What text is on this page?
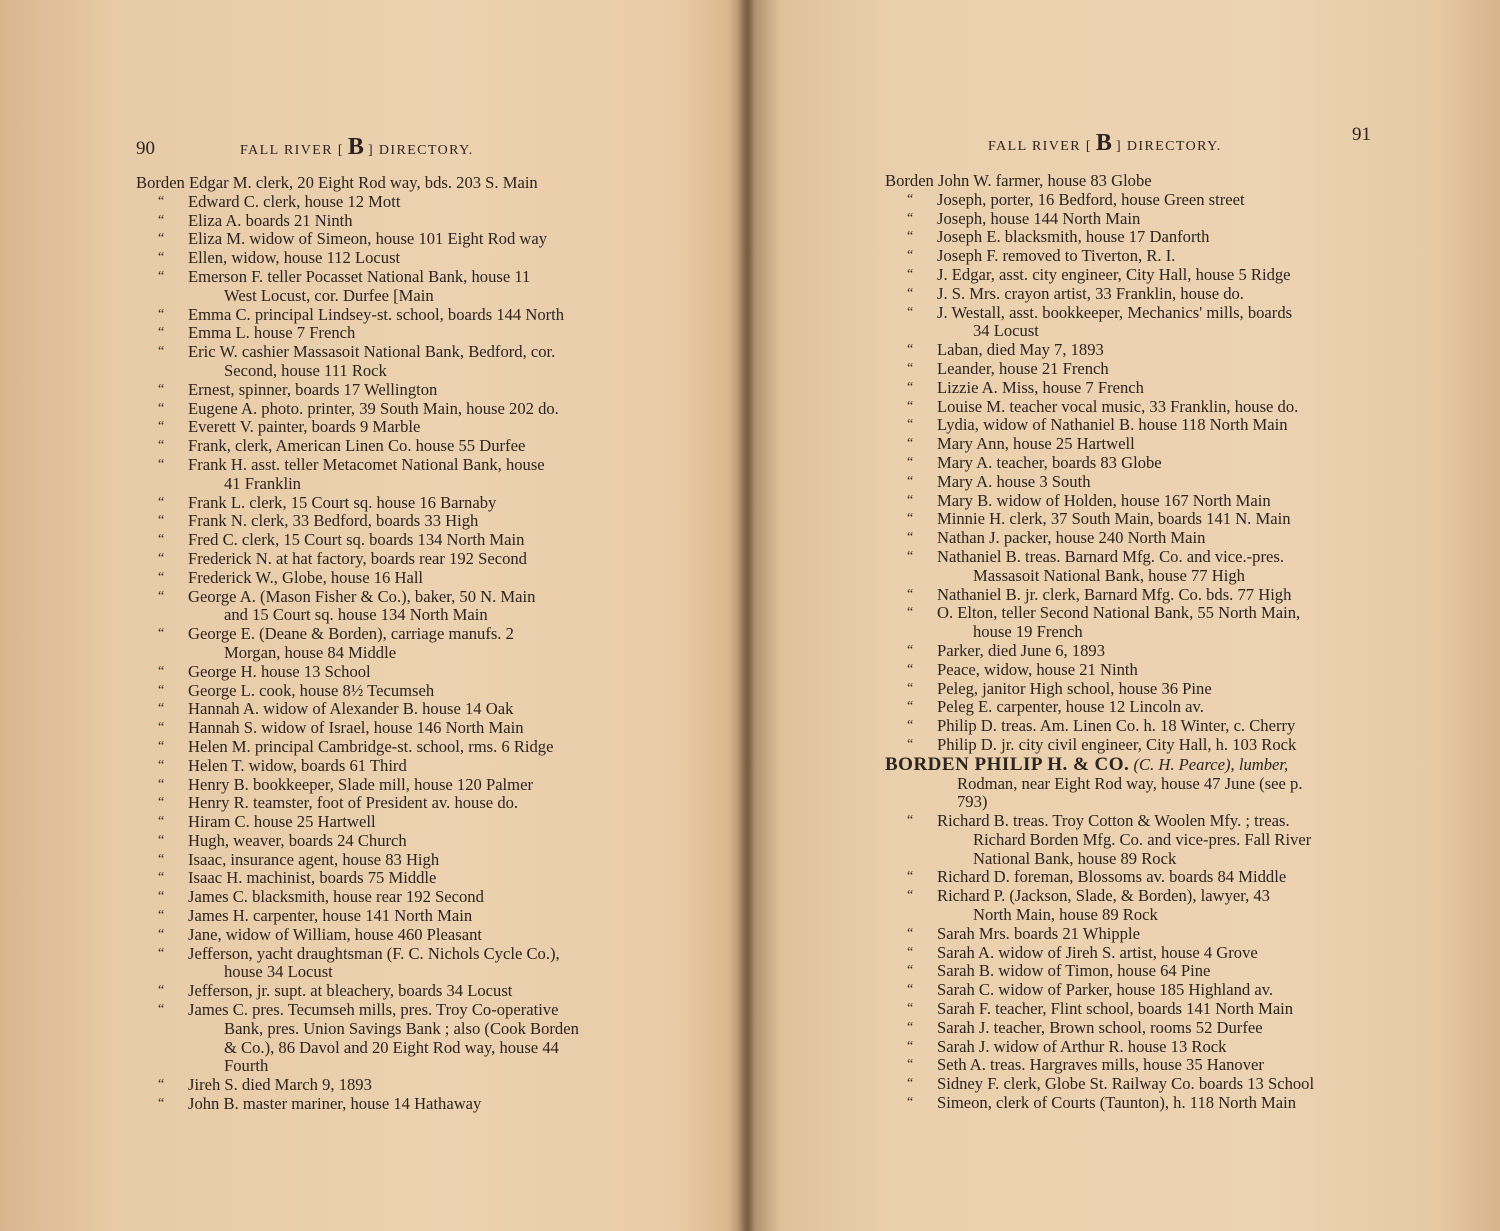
90	FALL RIVER [ B ] DIRECTORY.
Borden Edgar M. clerk, 20 Eight Rod way, bds. 203 S. Main
“ Edward C. clerk, house 12 Mott
“ Eliza A. boards 21 Ninth
“ Eliza M. widow of Simeon, house 101 Eight Rod way
“ Ellen, widow, house 112 Locust
“ Emerson F. teller Pocasset National Bank, house 11
West Locust, cor. Durfee [Main
“ Emma C. principal Lindsey-st. school, boards 144 North
“ Emma L. house 7 French
“ Eric W. cashier Massasoit National Bank, Bedford, cor.
Second, house 111 Rock
“ Ernest, spinner, boards 17 Wellington
“ Eugene A. photo. printer, 39 South Main, house 202 do.
“ Everett V. painter, boards 9 Marble
“ Frank, clerk, American Linen Co. house 55 Durfee
“ Frank H. asst. teller Metacomet National Bank, house
41 Franklin
“ Frank L. clerk, 15 Court sq. house 16 Barnaby
“ Frank N. clerk, 33 Bedford, boards 33 High
“ Fred C. clerk, 15 Court sq. boards 134 North Main
“ Frederick N. at hat factory, boards rear 192 Second
“ Frederick W., Globe, house 16 Hall
“ George A. (Mason Fisher & Co.), baker, 50 N. Main
and 15 Court sq. house 134 North Main
“ George E. (Deane & Borden), carriage manufs. 2
Morgan, house 84 Middle
“ George H. house 13 School
“ George L. cook, house 8½ Tecumseh
“ Hannah A. widow of Alexander B. house 14 Oak
“ Hannah S. widow of Israel, house 146 North Main
“ Helen M. principal Cambridge-st. school, rms. 6 Ridge
“ Helen T. widow, boards 61 Third
“ Henry B. bookkeeper, Slade mill, house 120 Palmer
“ Henry R. teamster, foot of President av. house do.
“ Hiram C. house 25 Hartwell
“ Hugh, weaver, boards 24 Church
“ Isaac, insurance agent, house 83 High
“ Isaac H. machinist, boards 75 Middle
“ James C. blacksmith, house rear 192 Second
“ James H. carpenter, house 141 North Main
“ Jane, widow of William, house 460 Pleasant
“ Jefferson, yacht draughtsman (F. C. Nichols Cycle Co.),
house 34 Locust
“ Jefferson, jr. supt. at bleachery, boards 34 Locust
“ James C. pres. Tecumseh mills, pres. Troy Co-operative
Bank, pres. Union Savings Bank ; also (Cook Borden
& Co.), 86 Davol and 20 Eight Rod way, house 44
Fourth
“ Jireh S. died March 9, 1893
“ John B. master mariner, house 14 Hathaway
91
FALL RIVER [ B ] DIRECTORY.
Borden John W. farmer, house 83 Globe
“ Joseph, porter, 16 Bedford, house Green street
“ Joseph, house 144 North Main
“ Joseph E. blacksmith, house 17 Danforth
“ Joseph F. removed to Tiverton, R. I.
“ J. Edgar, asst. city engineer, City Hall, house 5 Ridge
“ J. S. Mrs. crayon artist, 33 Franklin, house do.
“ J. Westall, asst. bookkeeper, Mechanics' mills, boards
34 Locust
“ Laban, died May 7, 1893
“ Leander, house 21 French
“ Lizzie A. Miss, house 7 French
“ Louise M. teacher vocal music, 33 Franklin, house do.
“ Lydia, widow of Nathaniel B. house 118 North Main
“ Mary Ann, house 25 Hartwell
“ Mary A. teacher, boards 83 Globe
“ Mary A. house 3 South
“ Mary B. widow of Holden, house 167 North Main
“ Minnie H. clerk, 37 South Main, boards 141 N. Main
“ Nathan J. packer, house 240 North Main
“ Nathaniel B. treas. Barnard Mfg. Co. and vice.-pres.
Massasoit National Bank, house 77 High
“ Nathaniel B. jr. clerk, Barnard Mfg. Co. bds. 77 High
“ O. Elton, teller Second National Bank, 55 North Main,
house 19 French
“ Parker, died June 6, 1893
“ Peace, widow, house 21 Ninth
“ Peleg, janitor High school, house 36 Pine
“ Peleg E. carpenter, house 12 Lincoln av.
“ Philip D. treas. Am. Linen Co. h. 18 Winter, c. Cherry
“ Philip D. jr. city civil engineer, City Hall, h. 103 Rock
BORDEN PHILIP H. & CO. (C. H. Pearce), lumber,
Rodman, near Eight Rod way, house 47 June (see p.
793)
“ Richard B. treas. Troy Cotton & Woolen Mfy. ; treas.
Richard Borden Mfg. Co. and vice-pres. Fall River
National Bank, house 89 Rock
“ Richard D. foreman, Blossoms av. boards 84 Middle
“ Richard P. (Jackson, Slade, & Borden), lawyer, 43
North Main, house 89 Rock
“ Sarah Mrs. boards 21 Whipple
“ Sarah A. widow of Jireh S. artist, house 4 Grove
“ Sarah B. widow of Timon, house 64 Pine
“ Sarah C. widow of Parker, house 185 Highland av.
“ Sarah F. teacher, Flint school, boards 141 North Main
“ Sarah J. teacher, Brown school, rooms 52 Durfee
“ Sarah J. widow of Arthur R. house 13 Rock
“ Seth A. treas. Hargraves mills, house 35 Hanover
“ Sidney F. clerk, Globe St. Railway Co. boards 13 School
“ Simeon, clerk of Courts (Taunton), h. 118 North Main
